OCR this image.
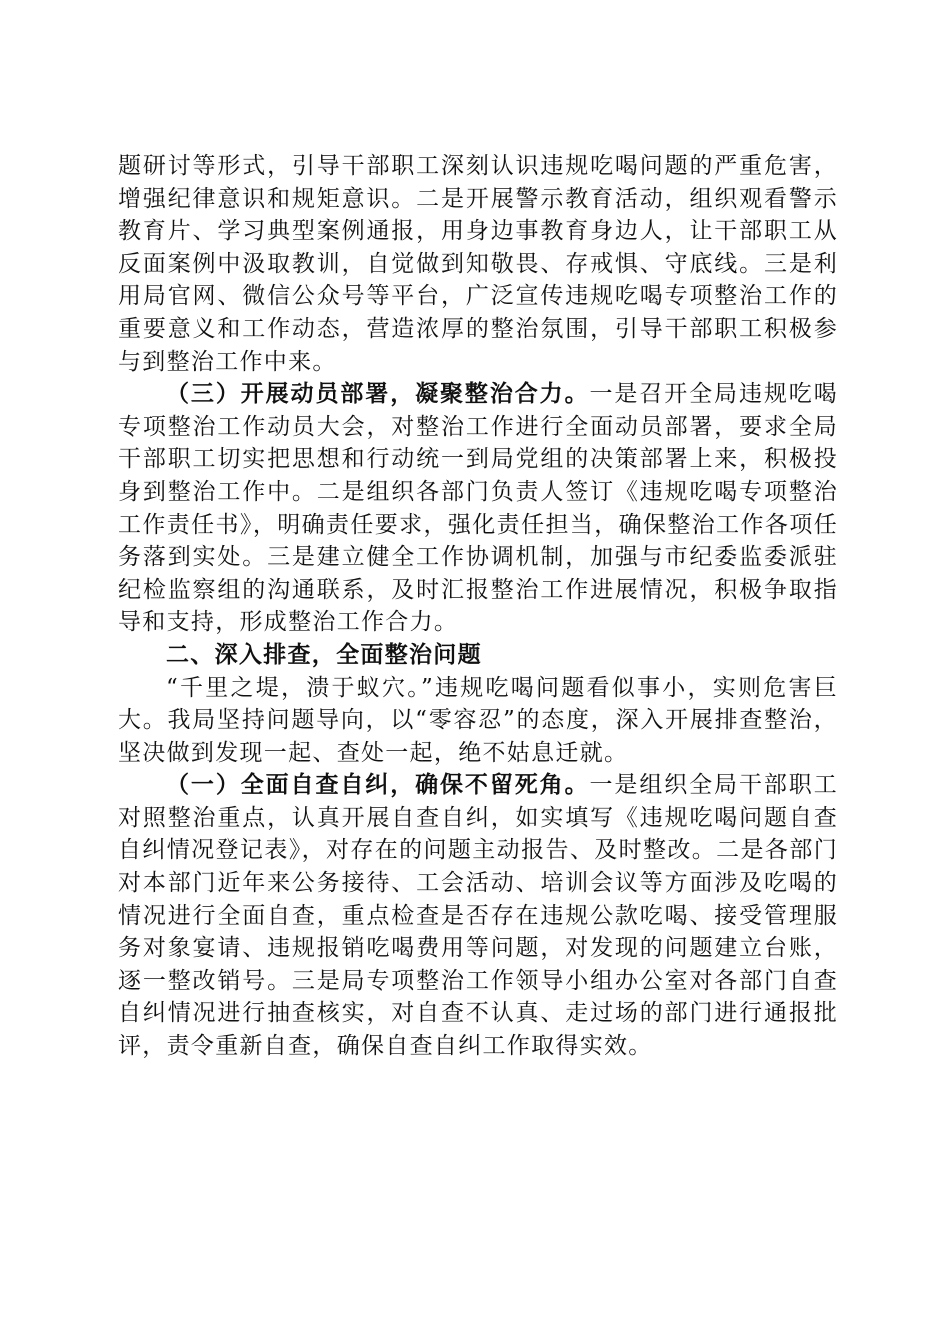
题研讨等形式，引导干部职工深刻认识违规吃喝问题的严重危害，增强纪律意识和规矩意识。二是开展警示教育活动，组织观看警示教育片、学习典型案例通报，用身边事教育身边人，让干部职工从反面案例中汲取教训，自觉做到知敬畏、存戒惧、守底线。三是利用局官网、微信公众号等平台，广泛宣传违规吃喝专项整治工作的重要意义和工作动态，营造浓厚的整治氛围，引导干部职工积极参与到整治工作中来。

（三）开展动员部署，凝聚整治合力。一是召开全局违规吃喝专项整治工作动员大会，对整治工作进行全面动员部署，要求全局干部职工切实把思想和行动统一到局党组的决策部署上来，积极投身到整治工作中。二是组织各部门负责人签订《违规吃喝专项整治工作责任书》，明确责任要求，强化责任担当，确保整治工作各项任务落到实处。三是建立健全工作协调机制，加强与市纪委监委派驻纪检监察组的沟通联系，及时汇报整治工作进展情况，积极争取指导和支持，形成整治工作合力。

二、深入排查，全面整治问题

“千里之堤，溃于蚁穴。”违规吃喝问题看似事小，实则危害巨大。我局坚持问题导向，以“零容忍”的态度，深入开展排查整治，坚决做到发现一起、查处一起，绝不姑息迁就。

（一）全面自查自纠，确保不留死角。一是组织全局干部职工对照整治重点，认真开展自查自纠，如实填写《违规吃喝问题自查自纠情况登记表》，对存在的问题主动报告、及时整改。二是各部门对本部门近年来公务接待、工会活动、培训会议等方面涉及吃喝的情况进行全面自查，重点检查是否存在违规公款吃喝、接受管理服务对象宴请、违规报销吃喝费用等问题，对发现的问题建立台账，逐一整改销号。三是局专项整治工作领导小组办公室对各部门自查自纠情况进行抽查核实，对自查不认真、走过场的部门进行通报批评，责令重新自查，确保自查自纠工作取得实效。
